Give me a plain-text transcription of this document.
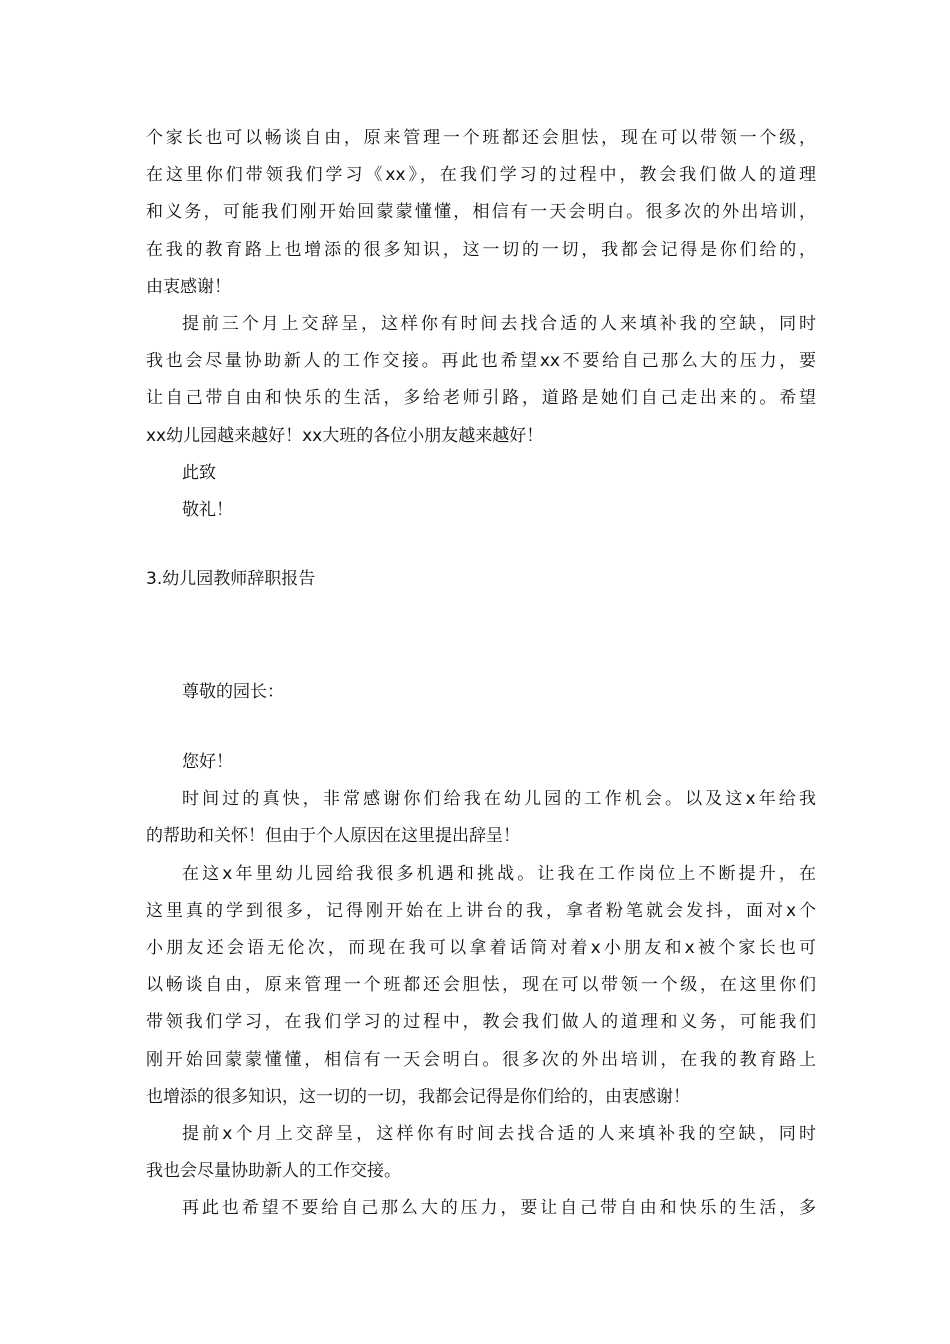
个家长也可以畅谈自由，原来管理一个班都还会胆怯，现在可以带领一个级，
在这里你们带领我们学习《xx》，在我们学习的过程中，教会我们做人的道理
和义务，可能我们刚开始回蒙蒙懂懂，相信有一天会明白。很多次的外出培训，
在我的教育路上也增添的很多知识，这一切的一切，我都会记得是你们给的，
由衷感谢！
提前三个月上交辞呈，这样你有时间去找合适的人来填补我的空缺，同时
我也会尽量协助新人的工作交接。再此也希望xx不要给自己那么大的压力，要
让自己带自由和快乐的生活，多给老师引路，道路是她们自己走出来的。希望
xx幼儿园越来越好！xx大班的各位小朋友越来越好！
此致
敬礼！
3.幼儿园教师辞职报告
尊敬的园长：
您好！
时间过的真快，非常感谢你们给我在幼儿园的工作机会。以及这x年给我
的帮助和关怀！但由于个人原因在这里提出辞呈！
在这x年里幼儿园给我很多机遇和挑战。让我在工作岗位上不断提升，在
这里真的学到很多，记得刚开始在上讲台的我，拿者粉笔就会发抖，面对x个
小朋友还会语无伦次，而现在我可以拿着话筒对着x小朋友和x被个家长也可
以畅谈自由，原来管理一个班都还会胆怯，现在可以带领一个级，在这里你们
带领我们学习，在我们学习的过程中，教会我们做人的道理和义务，可能我们
刚开始回蒙蒙懂懂，相信有一天会明白。很多次的外出培训，在我的教育路上
也增添的很多知识，这一切的一切，我都会记得是你们给的，由衷感谢！
提前x个月上交辞呈，这样你有时间去找合适的人来填补我的空缺，同时
我也会尽量协助新人的工作交接。
再此也希望不要给自己那么大的压力，要让自己带自由和快乐的生活，多
